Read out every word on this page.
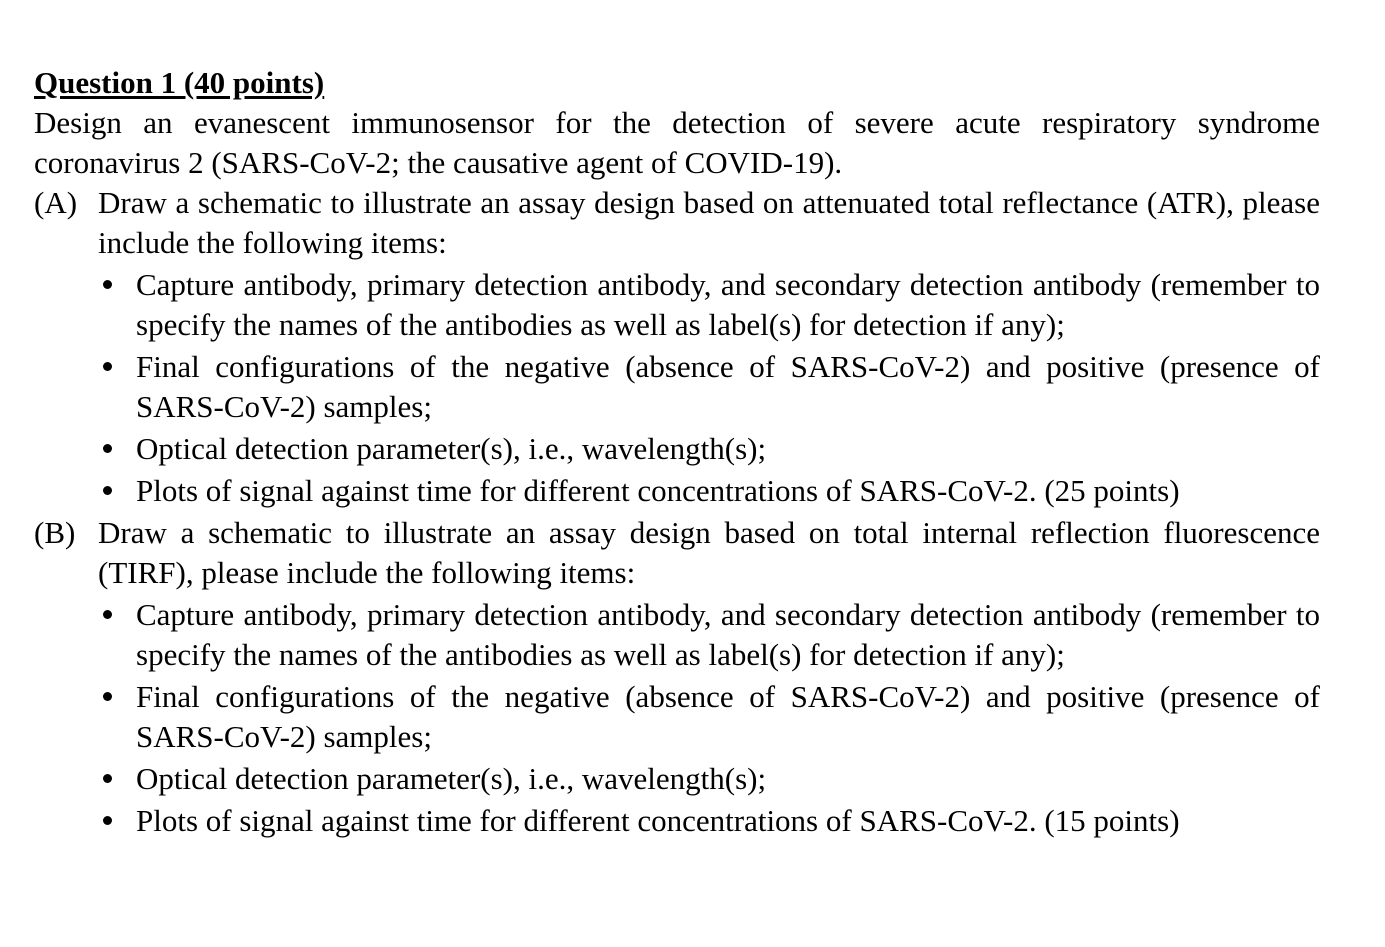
Question 1 (40 points)

Design an evanescent immunosensor for the detection of severe acute respiratory syndrome coronavirus 2 (SARS-CoV-2; the causative agent of COVID-19).

(A) Draw a schematic to illustrate an assay design based on attenuated total reflectance (ATR), please include the following items:
Capture antibody, primary detection antibody, and secondary detection antibody (remember to specify the names of the antibodies as well as label(s) for detection if any);
Final configurations of the negative (absence of SARS-CoV-2) and positive (presence of SARS-CoV-2) samples;
Optical detection parameter(s), i.e., wavelength(s);
Plots of signal against time for different concentrations of SARS-CoV-2. (25 points)
(B) Draw a schematic to illustrate an assay design based on total internal reflection fluorescence (TIRF), please include the following items:
Capture antibody, primary detection antibody, and secondary detection antibody (remember to specify the names of the antibodies as well as label(s) for detection if any);
Final configurations of the negative (absence of SARS-CoV-2) and positive (presence of SARS-CoV-2) samples;
Optical detection parameter(s), i.e., wavelength(s);
Plots of signal against time for different concentrations of SARS-CoV-2. (15 points)
